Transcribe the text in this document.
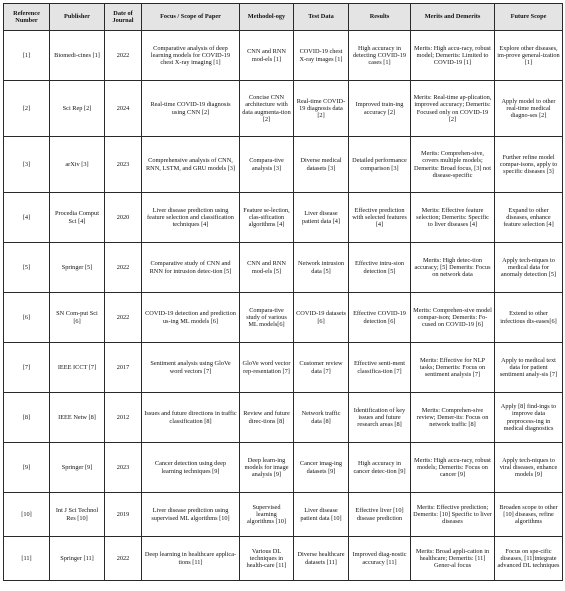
Reference Number	Publisher	Date of Journal	Focus / Scope of Paper	Methodol-ogy	Test Data	Results	Merits and Demerits	Future Scope
[1]	Biomedi-cines [1]	2022	Comparative analysis of deep learning models for COVID-19 chest X-ray imaging [1]	CNN and RNN mod-els [1]	COVID-19 chest X-ray images [1]	High accuracy in detecting COVID-19 cases [1]	Merits: High accu-racy, robust model; Demerits: Limited to COVID-19 [1]	Explore other diseases, im-prove general-ization [1]
[2]	Sci Rep [2]	2024	Real-time COVID-19 diagnosis using CNN [2]	Concise CNN architecture with data augmenta-tion [2]	Real-time COVID-19 diagnosis data [2]	Improved train-ing accuracy [2]	Merits: Real-time ap-plication, improved accuracy; Demerits: Focused only on COVID-19 [2]	Apply model to other real-time medical diagno-ses [2]
[3]	arXiv [3]	2023	Comprehensive analysis of CNN, RNN, LSTM, and GRU models [3]	Compara-tive analysis [3]	Diverse medical datasets [3]	Detailed performance comparison [3]	Merits: Comprehen-sive, covers multiple models; Demerits: Broad focus, [3] not disease-specific	Further refine model compar-isons, apply to specific diseases [3]
[4]	Procedia Comput Sci [4]	2020	Liver disease prediction using feature selection and classification techniques [4]	Feature se-lection, clas-sification algorithms [4]	Liver disease patient data [4]	Effective prediction with selected features [4]	Merits: Effective feature selection; Demerits: Specific to liver diseases [4]	Expand to other diseases, enhance feature selection [4]
[5]	Springer [5]	2022	Comparative study of CNN and RNN for intrusion detec-tion [5]	CNN and RNN mod-els [5]	Network intrusion data [5]	Effective intru-sion detection [5]	Merits: High detec-tion accuracy; [5] Demerits: Focus on network data	Apply tech-niques to medical data for anomaly detection [5]
[6]	SN Com-put Sci [6]	2022	COVID-19 detection and prediction us-ing ML models [6]	Compara-tive study of various ML models[6]	COVID-19 datasets [6]	Effective COVID-19 detection [6]	Merits: Comprehen-sive model compar-ison; Demerits: Fo-cused on COVID-19 [6]	Extend to other infectious dis-eases[6]
[7]	IEEE ICCT [7]	2017	Sentiment analysis using GloVe word vectors [7]	GloVe word vector rep-resentation [7]	Customer review data [7]	Effective senti-ment classifica-tion [7]	Merits: Effective for NLP tasks; Demerits: Focus on sentiment analysis [7]	Apply to medical text data for patient sentiment analy-sis [7]
[8]	IEEE Netw [8]	2012	Issues and future directions in traffic classification [8]	Review and future direc-tions [8]	Network traffic data [8]	Identification of key issues and future research areas [8]	Merits: Comprehen-sive review; Demer-its: Focus on network traffic [8]	Apply [8] find-ings to improve data preprocess-ing in medical diagnostics
[9]	Springer [9]	2023	Cancer detection using deep learning techniques [9]	Deep learn-ing models for image analysis [9]	Cancer imag-ing datasets [9]	High accuracy in cancer detec-tion [9]	Merits: High accu-racy, robust models; Demerits: Focus on cancer [9]	Apply tech-niques to viral diseases, enhance models [9]
[10]	Int J Sci Technol Res [10]	2019	Liver disease prediction using supervised ML algorithms [10]	Supervised learning algorithms [10]	Liver disease patient data [10]	Effective liver [10] disease prediction	Merits: Effective prediction; Demerits: [10] Specific to liver diseases	Broaden scope to other [10] diseases, refine algorithms
[11]	Springer [11]	2022	Deep learning in healthcare applica-tions [11]	Various DL techniques in health-care [11]	Diverse healthcare datasets [11]	Improved diag-nostic accuracy [11]	Merits: Broad appli-cation in healthcare; Demerits: [11] Gener-al focus	Focus on spe-cific diseases, [11]integrate advanced DL techniques
